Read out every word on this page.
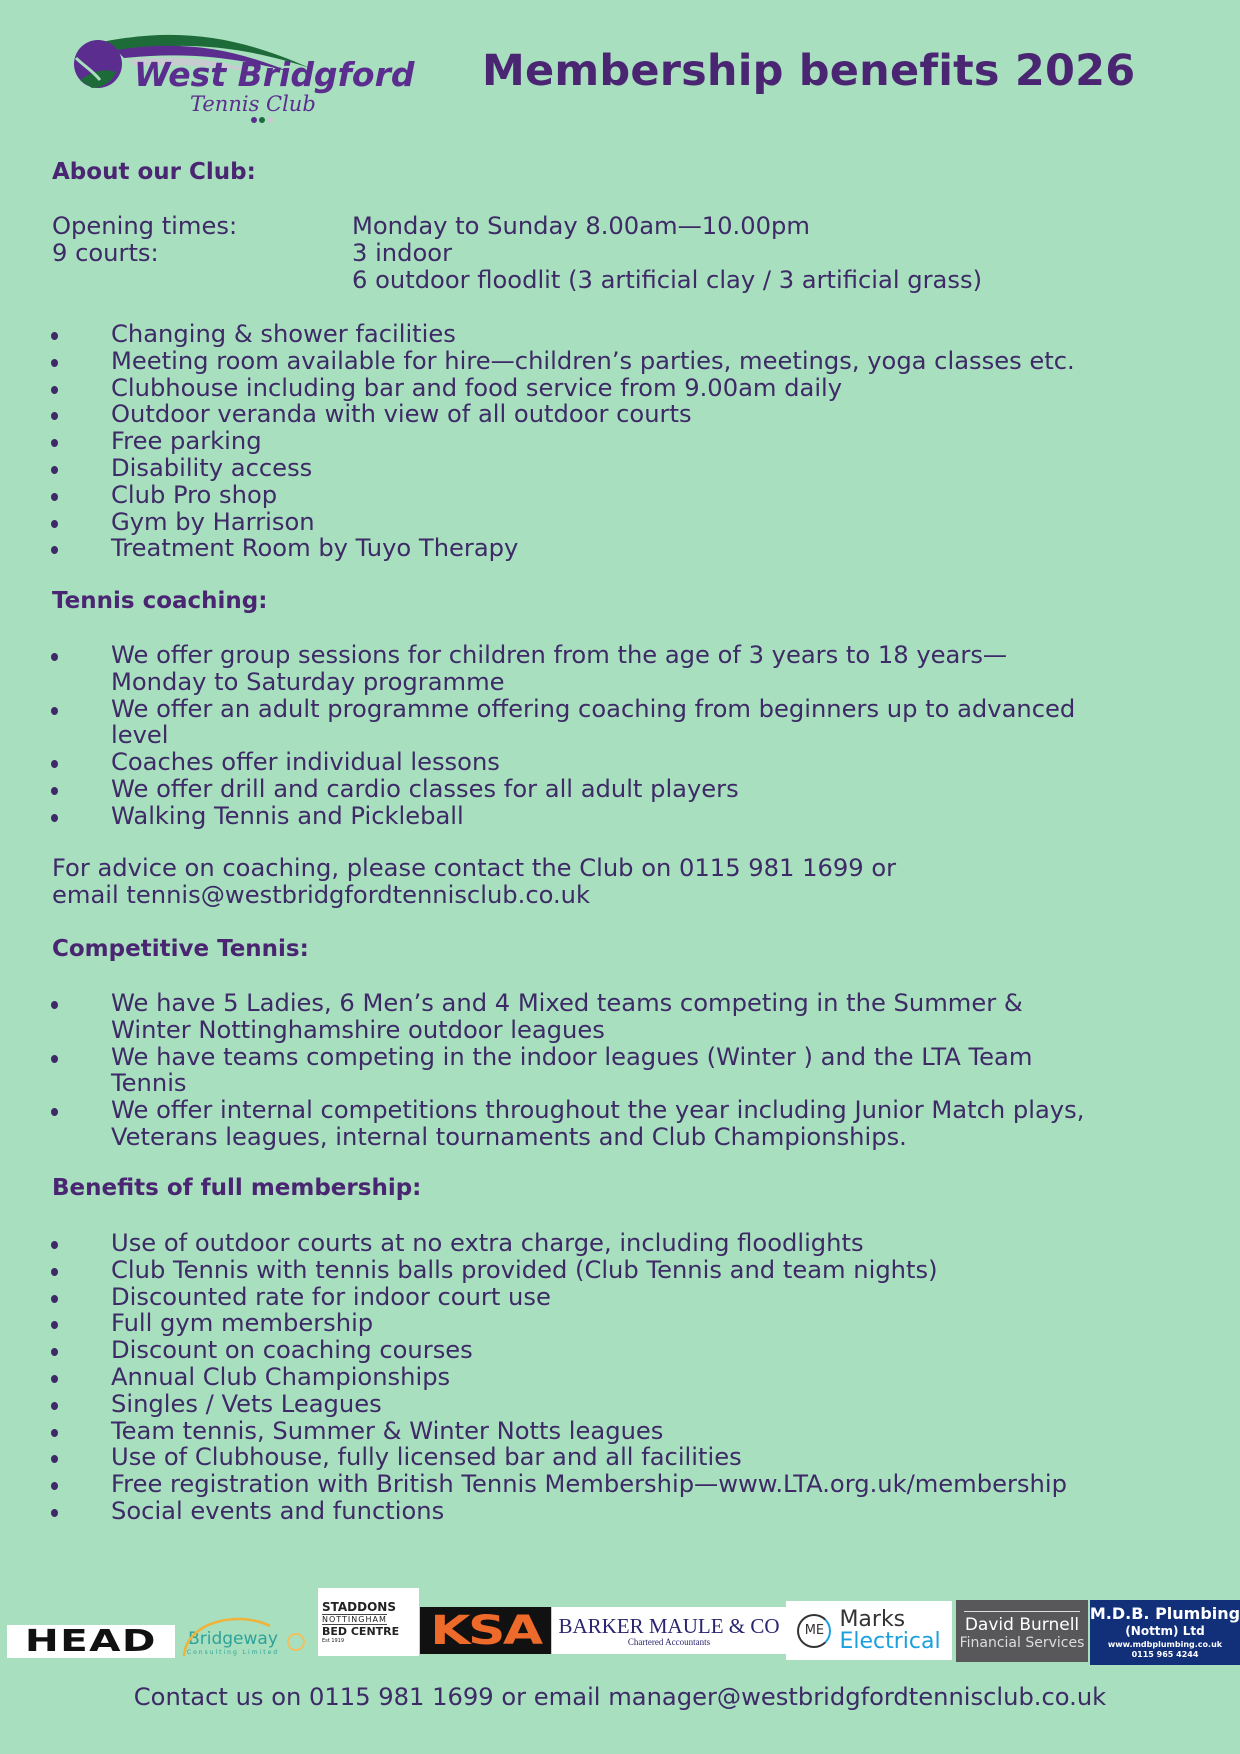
West Bridgford
Tennis Club
Membership benefits 2026
About our Club:
Opening times:	Monday to Sunday 8.00am—10.00pm
9 courts:	3 indoor
6 outdoor floodlit (3 artificial clay / 3 artificial grass)
Changing & shower facilities
Meeting room available for hire—children’s parties, meetings, yoga classes etc.
Clubhouse including bar and food service from 9.00am daily
Outdoor veranda with view of all outdoor courts
Free parking
Disability access
Club Pro shop
Gym by Harrison
Treatment Room by Tuyo Therapy
Tennis coaching:
We offer group sessions for children from the age of 3 years to 18 years—
Monday to Saturday programme
We offer an adult programme offering coaching from beginners up to advanced
level
Coaches offer individual lessons
We offer drill and cardio classes for all adult players
Walking Tennis and Pickleball
For advice on coaching, please contact the Club on 0115 981 1699 or
email tennis@westbridgfordtennisclub.co.uk
Competitive Tennis:
We have 5 Ladies, 6 Men’s and 4 Mixed teams competing in the Summer &
Winter Nottinghamshire outdoor leagues
We have teams competing in the indoor leagues (Winter ) and the LTA Team
Tennis
We offer internal competitions throughout the year including Junior Match plays,
Veterans leagues, internal tournaments and Club Championships.
Benefits of full membership:
Use of outdoor courts at no extra charge, including floodlights
Club Tennis with tennis balls provided (Club Tennis and team nights)
Discounted rate for indoor court use
Full gym membership
Discount on coaching courses
Annual Club Championships
Singles / Vets Leagues
Team tennis, Summer & Winter Notts leagues
Use of Clubhouse, fully licensed bar and all facilities
Free registration with British Tennis Membership—www.LTA.org.uk/membership
Social events and functions
HEAD Bridgeway
Consulting Limited
STADDONS
NOTTINGHAM
BED CENTRE
Est 1919 KSA BARKER MAULE & CO
Chartered Accountants
ME Marks
Electrical
David Burnell
Financial Services
M.D.B. Plumbing
(Nottm) Ltd
www.mdbplumbing.co.uk
0115 965 4244
Contact us on 0115 981 1699 or email manager@westbridgfordtennisclub.co.uk
